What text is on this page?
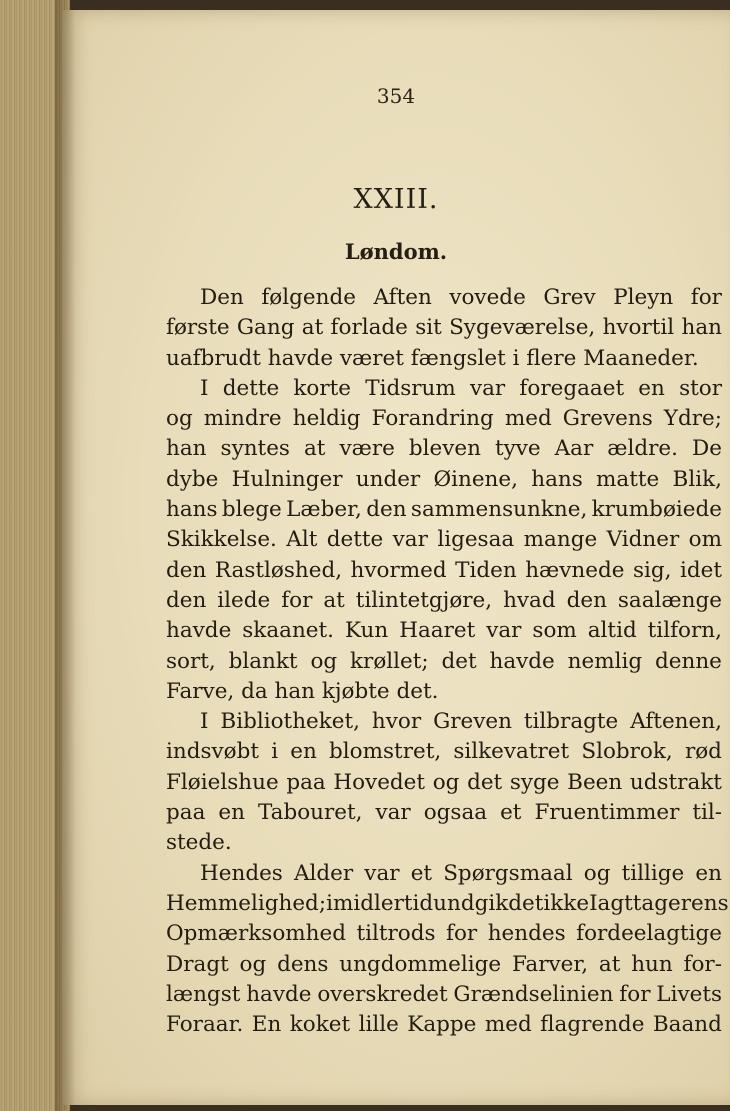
354
XXIII.
Løndom.
Den følgende Aften vovede Grev Pleyn for
første Gang at forlade sit Sygeværelse, hvortil han
uafbrudt havde været fængslet i flere Maaneder.
I dette korte Tidsrum var foregaaet en stor
og mindre heldig Forandring med Grevens Ydre;
han syntes at være bleven tyve Aar ældre. De
dybe Hulninger under Øinene, hans matte Blik,
hans blege Læber, den sammensunkne, krumbøiede
Skikkelse. Alt dette var ligesaa mange Vidner om
den Rastløshed, hvormed Tiden hævnede sig, idet
den ilede for at tilintetgjøre, hvad den saalænge
havde skaanet. Kun Haaret var som altid tilforn,
sort, blankt og krøllet; det havde nemlig denne
Farve, da han kjøbte det.
I Bibliotheket, hvor Greven tilbragte Aftenen,
indsvøbt i en blomstret, silkevatret Slobrok, rød
Fløielshue paa Hovedet og det syge Been udstrakt
paa en Tabouret, var ogsaa et Fruentimmer til-
stede.
Hendes Alder var et Spørgsmaal og tillige en
Hemmelighed; imidlertid undgik det ikke Iagttagerens
Opmærksomhed tiltrods for hendes fordeelagtige
Dragt og dens ungdommelige Farver, at hun for-
længst havde overskredet Grændselinien for Livets
Foraar. En koket lille Kappe med flagrende Baand
